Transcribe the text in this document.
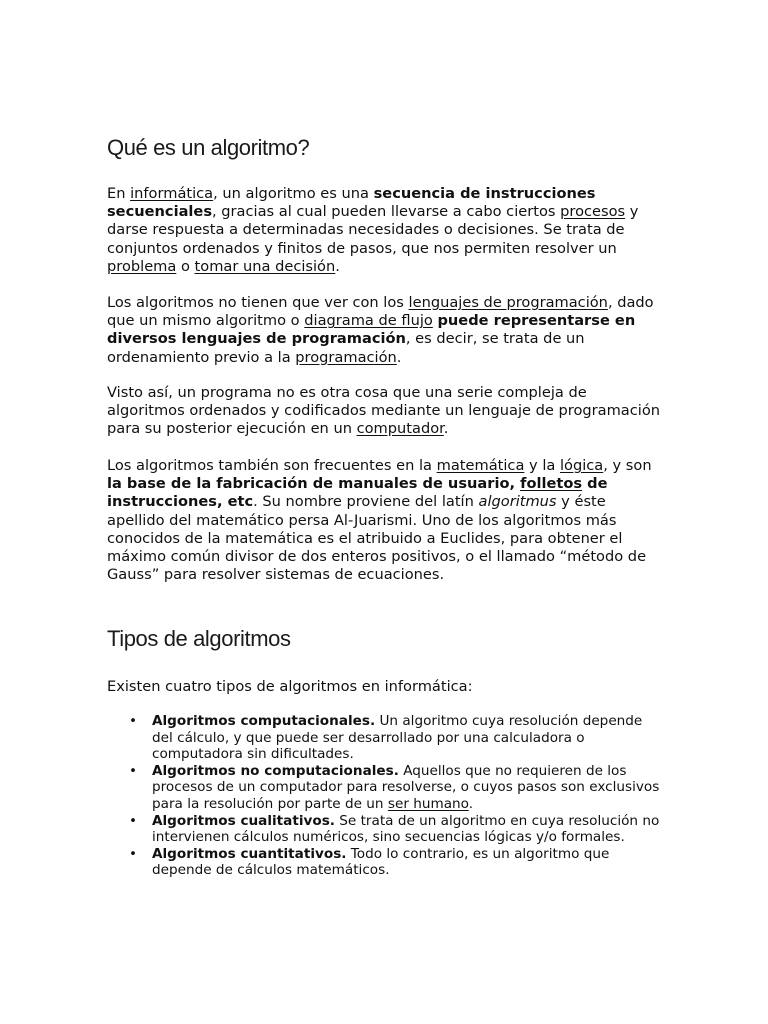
Qué es un algoritmo?

En informática, un algoritmo es una secuencia de instrucciones secuenciales, gracias al cual pueden llevarse a cabo ciertos procesos y darse respuesta a determinadas necesidades o decisiones. Se trata de conjuntos ordenados y finitos de pasos, que nos permiten resolver un problema o tomar una decisión.

Los algoritmos no tienen que ver con los lenguajes de programación, dado que un mismo algoritmo o diagrama de flujo puede representarse en diversos lenguajes de programación, es decir, se trata de un ordenamiento previo a la programación.

Visto así, un programa no es otra cosa que una serie compleja de algoritmos ordenados y codificados mediante un lenguaje de programación para su posterior ejecución en un computador.

Los algoritmos también son frecuentes en la matemática y la lógica, y son la base de la fabricación de manuales de usuario, folletos de instrucciones, etc. Su nombre proviene del latín algoritmus y éste apellido del matemático persa Al-Juarismi. Uno de los algoritmos más conocidos de la matemática es el atribuido a Euclides, para obtener el máximo común divisor de dos enteros positivos, o el llamado “método de Gauss” para resolver sistemas de ecuaciones.

Tipos de algoritmos

Existen cuatro tipos de algoritmos en informática:

• Algoritmos computacionales. Un algoritmo cuya resolución depende del cálculo, y que puede ser desarrollado por una calculadora o computadora sin dificultades.
• Algoritmos no computacionales. Aquellos que no requieren de los procesos de un computador para resolverse, o cuyos pasos son exclusivos para la resolución por parte de un ser humano.
• Algoritmos cualitativos. Se trata de un algoritmo en cuya resolución no intervienen cálculos numéricos, sino secuencias lógicas y/o formales.
• Algoritmos cuantitativos. Todo lo contrario, es un algoritmo que depende de cálculos matemáticos.
